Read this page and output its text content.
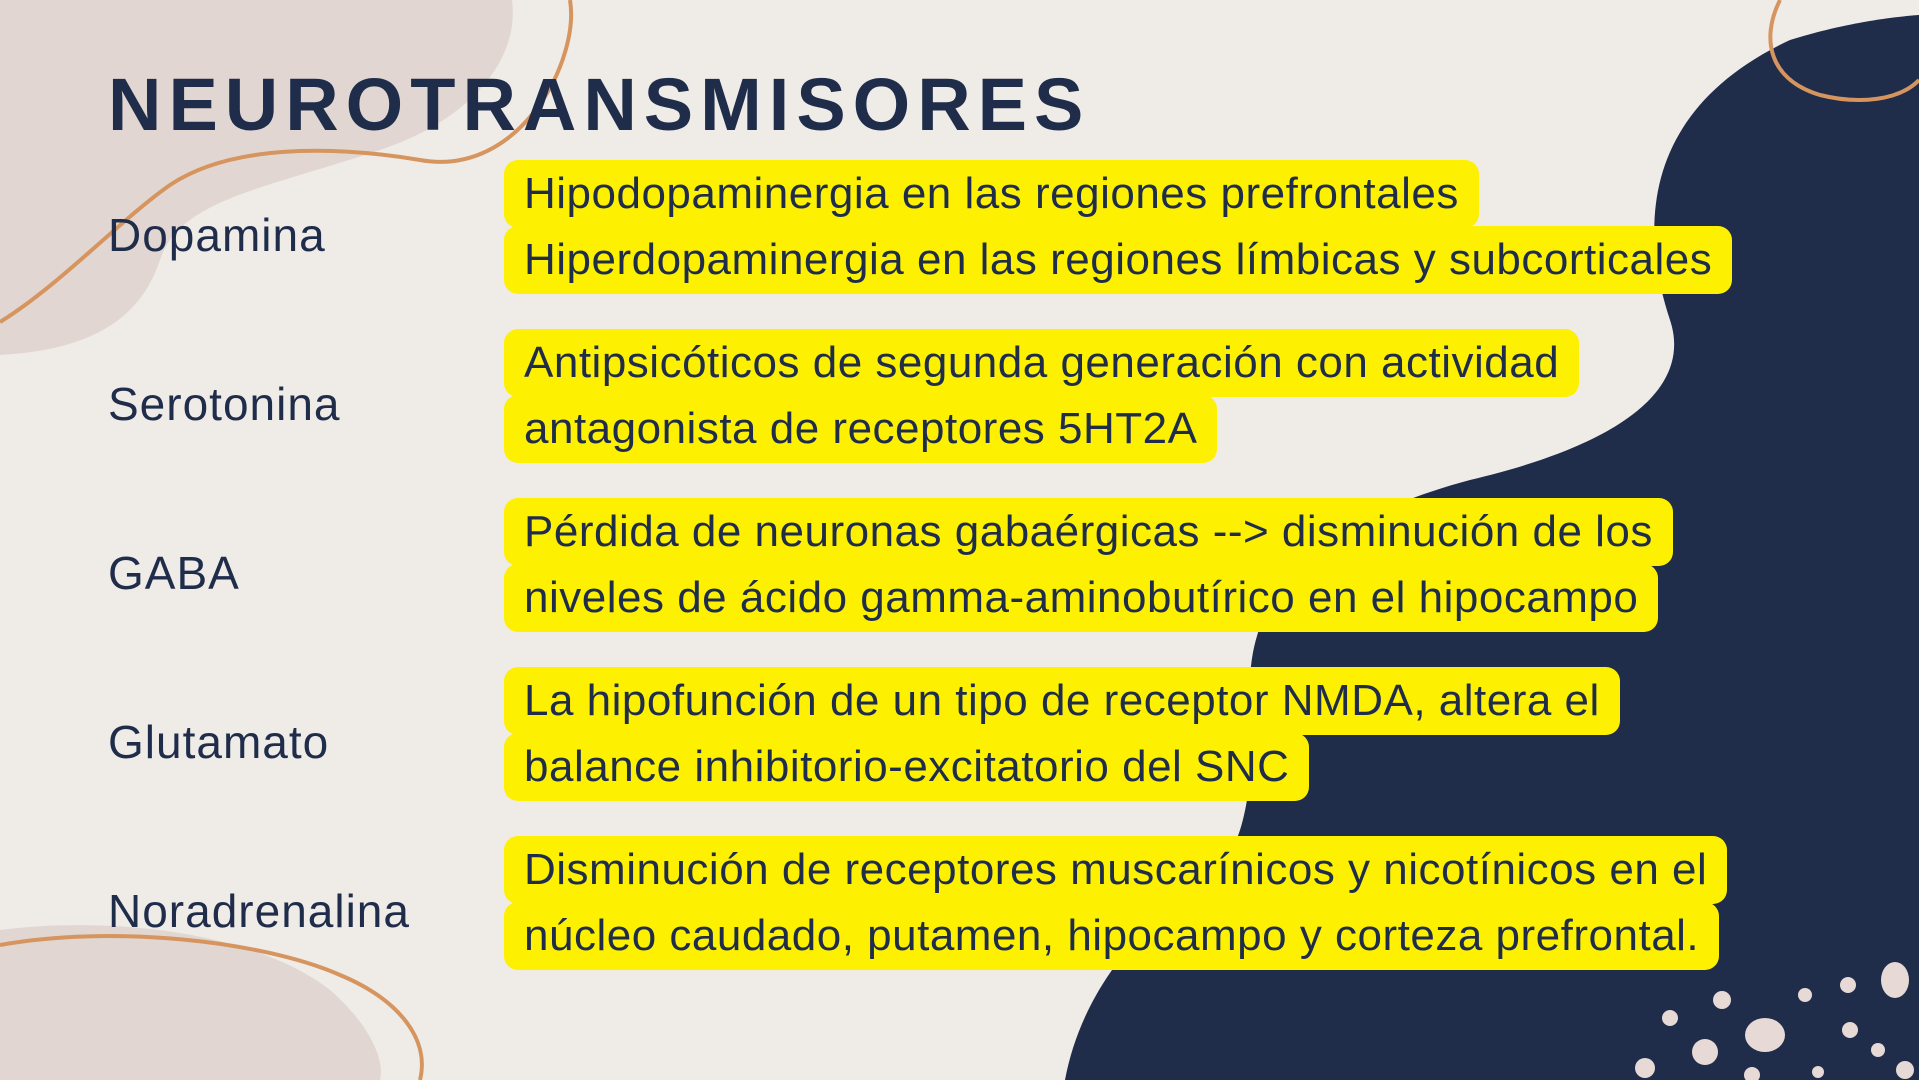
NEUROTRANSMISORES
Dopamina
Hipodopaminergia en las regiones prefrontales
Hiperdopaminergia en las regiones límbicas y subcorticales
Serotonina
Antipsicóticos de segunda generación con actividad
antagonista de receptores 5HT2A
GABA
Pérdida de neuronas gabaérgicas --> disminución de los
niveles de ácido gamma-aminobutírico en el hipocampo
Glutamato
La hipofunción de un tipo de receptor NMDA, altera el
balance inhibitorio-excitatorio del SNC
Noradrenalina
Disminución de receptores muscarínicos y nicotínicos en el
núcleo caudado, putamen, hipocampo y corteza prefrontal.
